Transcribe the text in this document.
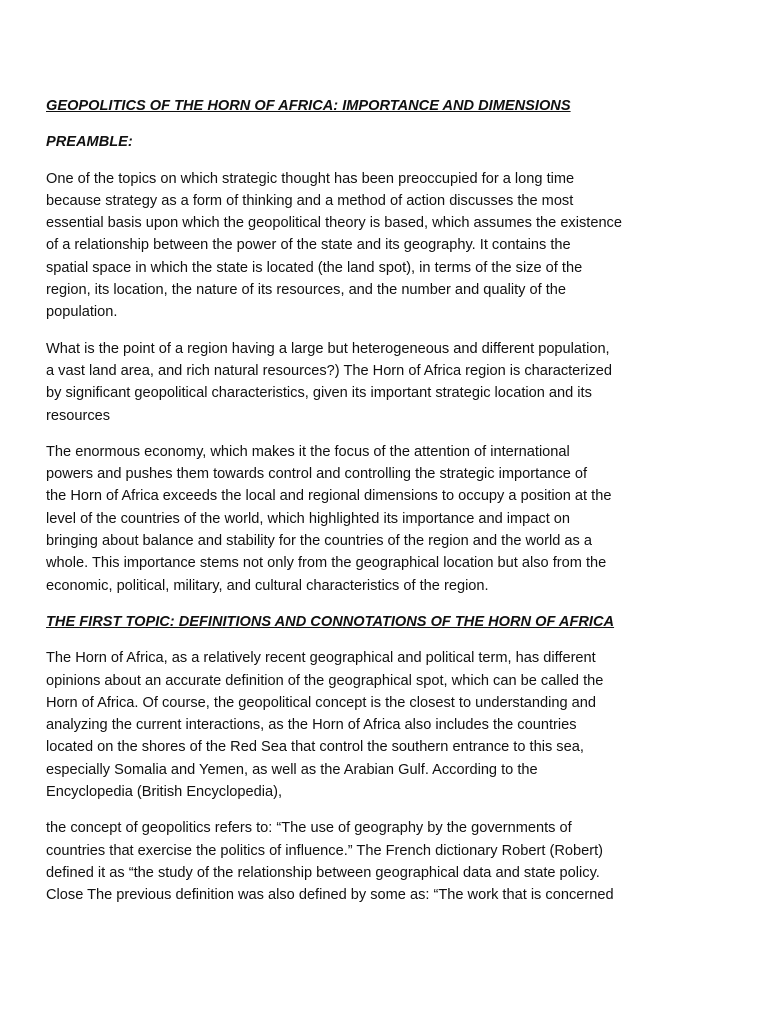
GEOPOLITICS OF THE HORN OF AFRICA: IMPORTANCE AND DIMENSIONS

PREAMBLE:

One of the topics on which strategic thought has been preoccupied for a long time
because strategy as a form of thinking and a method of action discusses the most
essential basis upon which the geopolitical theory is based, which assumes the existence
of a relationship between the power of the state and its geography. It contains the
spatial space in which the state is located (the land spot), in terms of the size of the
region, its location, the nature of its resources, and the number and quality of the
population.

What is the point of a region having a large but heterogeneous and different population,
a vast land area, and rich natural resources?) The Horn of Africa region is characterized
by significant geopolitical characteristics, given its important strategic location and its
resources

The enormous economy, which makes it the focus of the attention of international
powers and pushes them towards control and controlling the strategic importance of
the Horn of Africa exceeds the local and regional dimensions to occupy a position at the
level of the countries of the world, which highlighted its importance and impact on
bringing about balance and stability for the countries of the region and the world as a
whole. This importance stems not only from the geographical location but also from the
economic, political, military, and cultural characteristics of the region.

THE FIRST TOPIC: DEFINITIONS AND CONNOTATIONS OF THE HORN OF AFRICA

The Horn of Africa, as a relatively recent geographical and political term, has different
opinions about an accurate definition of the geographical spot, which can be called the
Horn of Africa. Of course, the geopolitical concept is the closest to understanding and
analyzing the current interactions, as the Horn of Africa also includes the countries
located on the shores of the Red Sea that control the southern entrance to this sea,
especially Somalia and Yemen, as well as the Arabian Gulf. According to the
Encyclopedia (British Encyclopedia),

the concept of geopolitics refers to: “The use of geography by the governments of
countries that exercise the politics of influence.” The French dictionary Robert (Robert)
defined it as “the study of the relationship between geographical data and state policy.
Close The previous definition was also defined by some as: “The work that is concerned
